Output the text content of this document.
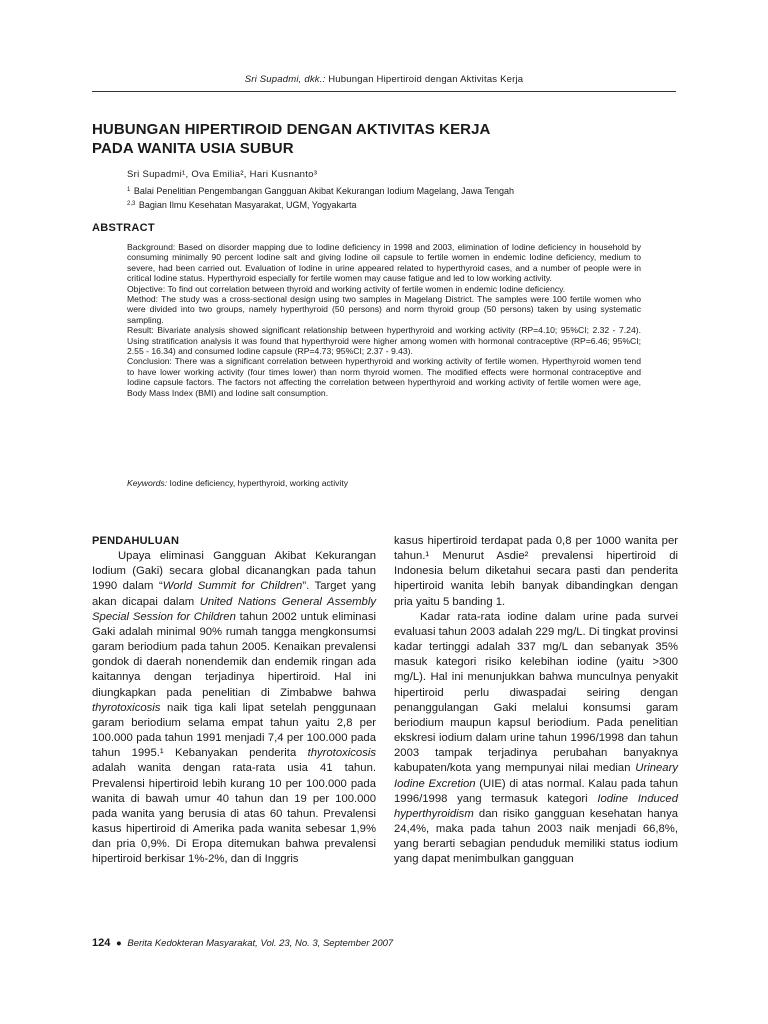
Sri Supadmi, dkk.: Hubungan Hipertiroid dengan Aktivitas Kerja
HUBUNGAN HIPERTIROID DENGAN AKTIVITAS KERJA
PADA WANITA USIA SUBUR
Sri Supadmi¹, Ova Emilia², Hari Kusnanto³
$^1$ Balai Penelitian Pengembangan Gangguan Akibat Kekurangan Iodium Magelang, Jawa Tengah
$^{2,3}$ Bagian Ilmu Kesehatan Masyarakat, UGM, Yogyakarta
ABSTRACT

Background: Based on disorder mapping due to Iodine deficiency in 1998 and 2003, elimination of Iodine deficiency in household by consuming minimally 90 percent Iodine salt and giving Iodine oil capsule to fertile women in endemic Iodine deficiency, medium to severe, had been carried out. Evaluation of Iodine in urine appeared related to hyperthyroid cases, and a number of people were in critical Iodine status. Hyperthyroid especially for fertile women may cause fatigue and led to low working activity.

Objective: To find out correlation between thyroid and working activity of fertile women in endemic Iodine deficiency.

Method: The study was a cross-sectional design using two samples in Magelang District. The samples were 100 fertile women who were divided into two groups, namely hyperthyroid (50 persons) and norm thyroid group (50 persons) taken by using systematic sampling.

Result: Bivariate analysis showed significant relationship between hyperthyroid and working activity (RP=4.10; 95%CI; 2.32 - 7.24). Using stratification analysis it was found that hyperthyroid were higher among women with hormonal contraceptive (RP=6.46; 95%CI; 2.55 - 16.34) and consumed Iodine capsule (RP=4.73; 95%CI; 2.37 - 9.43).

Conclusion: There was a significant correlation between hyperthyroid and working activity of fertile women. Hyperthyroid women tend to have lower working activity (four times lower) than norm thyroid women. The modified effects were hormonal contraceptive and Iodine capsule factors. The factors not affecting the correlation between hyperthyroid and working activity of fertile women were age, Body Mass Index (BMI) and Iodine salt consumption.

Keywords: Iodine deficiency, hyperthyroid, working activity
PENDAHULUAN

Upaya eliminasi Gangguan Akibat Kekurangan Iodium (Gaki) secara global dicanangkan pada tahun 1990 dalam “World Summit for Children”. Target yang akan dicapai dalam United Nations General Assembly Special Session for Children tahun 2002 untuk eliminasi Gaki adalah minimal 90% rumah tangga mengkonsumsi garam beriodium pada tahun 2005. Kenaikan prevalensi gondok di daerah nonendemik dan endemik ringan ada kaitannya dengan terjadinya hipertiroid. Hal ini diungkapkan pada penelitian di Zimbabwe bahwa thyrotoxicosis naik tiga kali lipat setelah penggunaan garam beriodium selama empat tahun yaitu 2,8 per 100.000 pada tahun 1991 menjadi 7,4 per 100.000 pada tahun 1995.¹ Kebanyakan penderita thyrotoxicosis adalah wanita dengan rata-rata usia 41 tahun. Prevalensi hipertiroid lebih kurang 10 per 100.000 pada wanita di bawah umur 40 tahun dan 19 per 100.000 pada wanita yang berusia di atas 60 tahun. Prevalensi kasus hipertiroid di Amerika pada wanita sebesar 1,9% dan pria 0,9%. Di Eropa ditemukan bahwa prevalensi hipertiroid berkisar 1%-2%, dan di Inggris

kasus hipertiroid terdapat pada 0,8 per 1000 wanita per tahun.¹ Menurut Asdie² prevalensi hipertiroid di Indonesia belum diketahui secara pasti dan penderita hipertiroid wanita lebih banyak dibandingkan dengan pria yaitu 5 banding 1.

Kadar rata-rata iodine dalam urine pada survei evaluasi tahun 2003 adalah 229 mg/L. Di tingkat provinsi kadar tertinggi adalah 337 mg/L dan sebanyak 35% masuk kategori risiko kelebihan iodine (yaitu >300 mg/L). Hal ini menunjukkan bahwa munculnya penyakit hipertiroid perlu diwaspadai seiring dengan penanggulangan Gaki melalui konsumsi garam beriodium maupun kapsul beriodium. Pada penelitian ekskresi iodium dalam urine tahun 1996/1998 dan tahun 2003 tampak terjadinya perubahan banyaknya kabupaten/kota yang mempunyai nilai median Urineary Iodine Excretion (UIE) di atas normal. Kalau pada tahun 1996/1998 yang termasuk kategori Iodine Induced hyperthyroidism dan risiko gangguan kesehatan hanya 24,4%, maka pada tahun 2003 naik menjadi 66,8%, yang berarti sebagian penduduk memiliki status iodium yang dapat menimbulkan gangguan

124 ● Berita Kedokteran Masyarakat, Vol. 23, No. 3, September 2007
